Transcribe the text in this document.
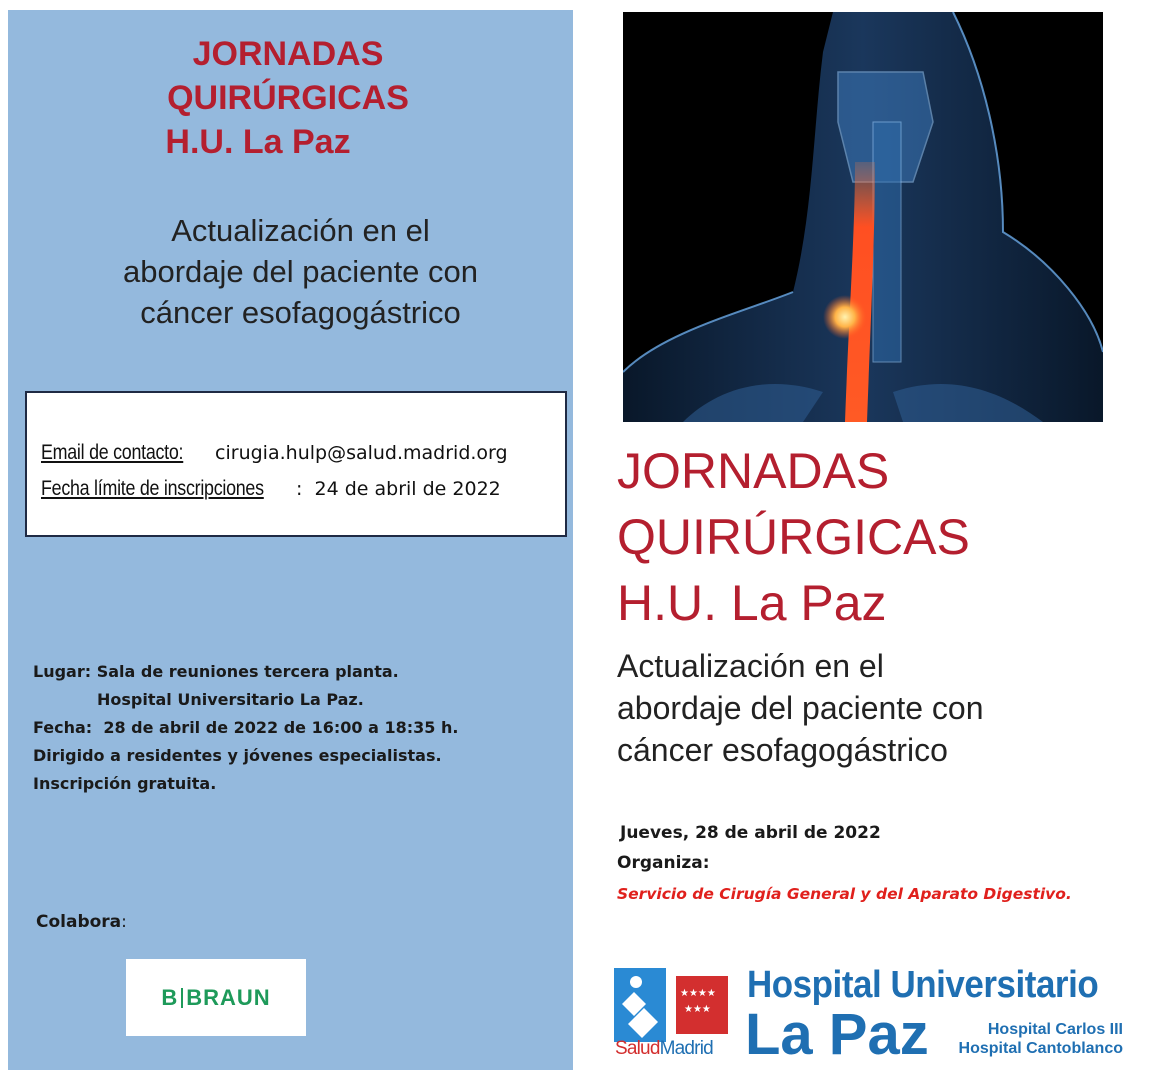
JORNADAS
QUIRÚRGICAS
H.U. La Paz
Actualización en el
abordaje del paciente con
cáncer esofagogástrico
Email de contacto: cirugia.hulp@salud.madrid.org
Fecha límite de inscripciones :  24 de abril de 2022
Lugar: Sala de reuniones tercera planta.
Hospital Universitario La Paz.
Fecha: 28 de abril de 2022 de 16:00 a 18:35 h.
Dirigido a residentes y jóvenes especialistas.
Inscripción gratuita.
Colabora:
B BRAUN
JORNADAS
QUIRÚRGICAS
H.U. La Paz
Actualización en el
abordaje del paciente con
cáncer esofagogástrico
Jueves, 28 de abril de 2022
Organiza:
Servicio de Cirugía General y del Aparato Digestivo.
★★★★
★★★
SaludMadrid
Hospital Universitario
La Paz	Hospital Carlos III
Hospital Cantoblanco
